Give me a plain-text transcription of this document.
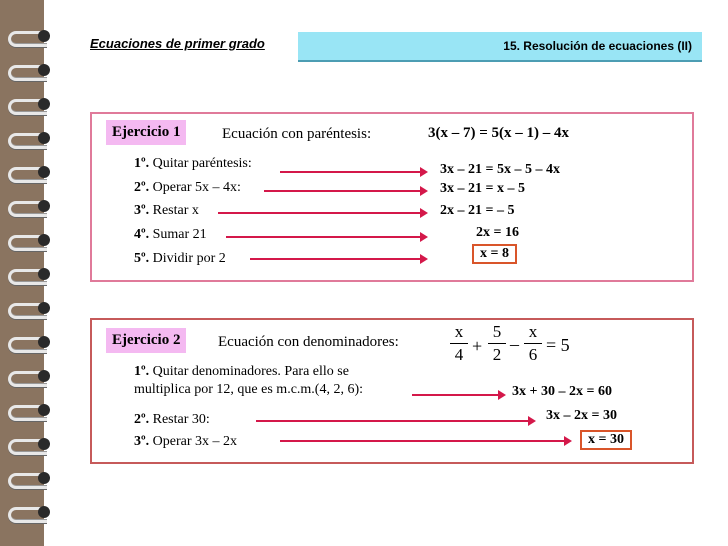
Ecuaciones de primer grado	15. Resolución de ecuaciones (II)
Ejercicio 1	Ecuación con paréntesis:	3(x – 7) = 5(x – 1) – 4x
1º. Quitar paréntesis:	3x – 21 = 5x – 5 – 4x
2º. Operar 5x – 4x:	3x – 21 = x – 5
3º. Restar x	2x – 21 = – 5
4º. Sumar 21	2x = 16
5º. Dividir por 2	x = 8
Ejercicio 2	Ecuación con denominadores:
x
4 +
5
2
–
x
6 = 5
1º. Quitar denominadores. Para ello se
multiplica por 12, que es m.c.m.(4, 2, 6):	3x + 30 – 2x = 60
2º. Restar 30:	3x – 2x = 30
3º. Operar 3x – 2x	x = 30
